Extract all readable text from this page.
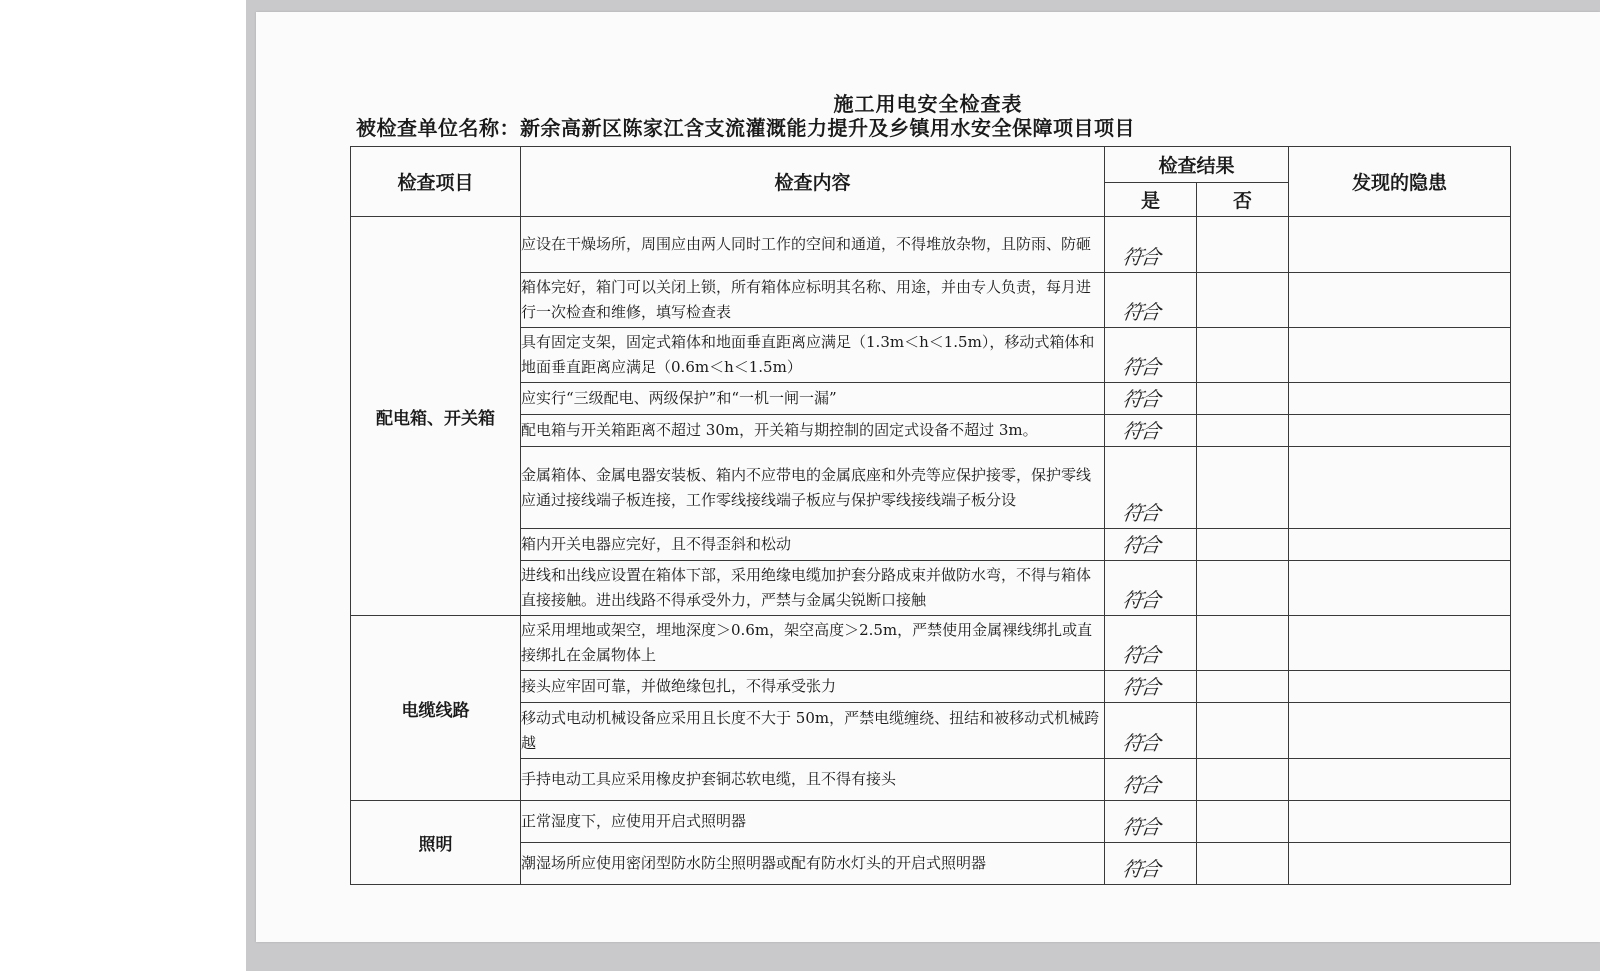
施工用电安全检查表
被检查单位名称：新余高新区陈家江含支流灌溉能力提升及乡镇用水安全保障项目项目
检查项目	检查内容	检查结果		发现的隐患
		是	否	
配电箱、开关箱	应设在干燥场所，周围应由两人同时工作的空间和通道，不得堆放杂物，且防雨、防砸	符合		

	箱体完好，箱门可以关闭上锁，所有箱体应标明其名称、用途，并由专人负责，每月进行一次检查和维修，填写检查表	符合		

	具有固定支架，固定式箱体和地面垂直距离应满足（1.3m＜h＜1.5m），移动式箱体和地面垂直距离应满足（0.6m＜h＜1.5m）	符合		

	应实行“三级配电、两级保护”和“一机一闸一漏”	符合		

	配电箱与开关箱距离不超过 30m，开关箱与期控制的固定式设备不超过 3m。	符合		

	金属箱体、金属电器安装板、箱内不应带电的金属底座和外壳等应保护接零，保护零线应通过接线端子板连接，工作零线接线端子板应与保护零线接线端子板分设	符合		

	箱内开关电器应完好，且不得歪斜和松动	符合		

	进线和出线应设置在箱体下部，采用绝缘电缆加护套分路成束并做防水弯，不得与箱体直接接触。进出线路不得承受外力，严禁与金属尖锐断口接触	符合		

电缆线路	应采用埋地或架空，埋地深度＞0.6m，架空高度＞2.5m，严禁使用金属裸线绑扎或直接绑扎在金属物体上	符合		

	接头应牢固可靠，并做绝缘包扎，不得承受张力	符合		

	移动式电动机械设备应采用且长度不大于 50m，严禁电缆缠绕、扭结和被移动式机械跨越	符合		

	手持电动工具应采用橡皮护套铜芯软电缆，且不得有接头	符合		

照明	正常湿度下，应使用开启式照明器	符合		

	潮湿场所应使用密闭型防水防尘照明器或配有防水灯头的开启式照明器	符合		
